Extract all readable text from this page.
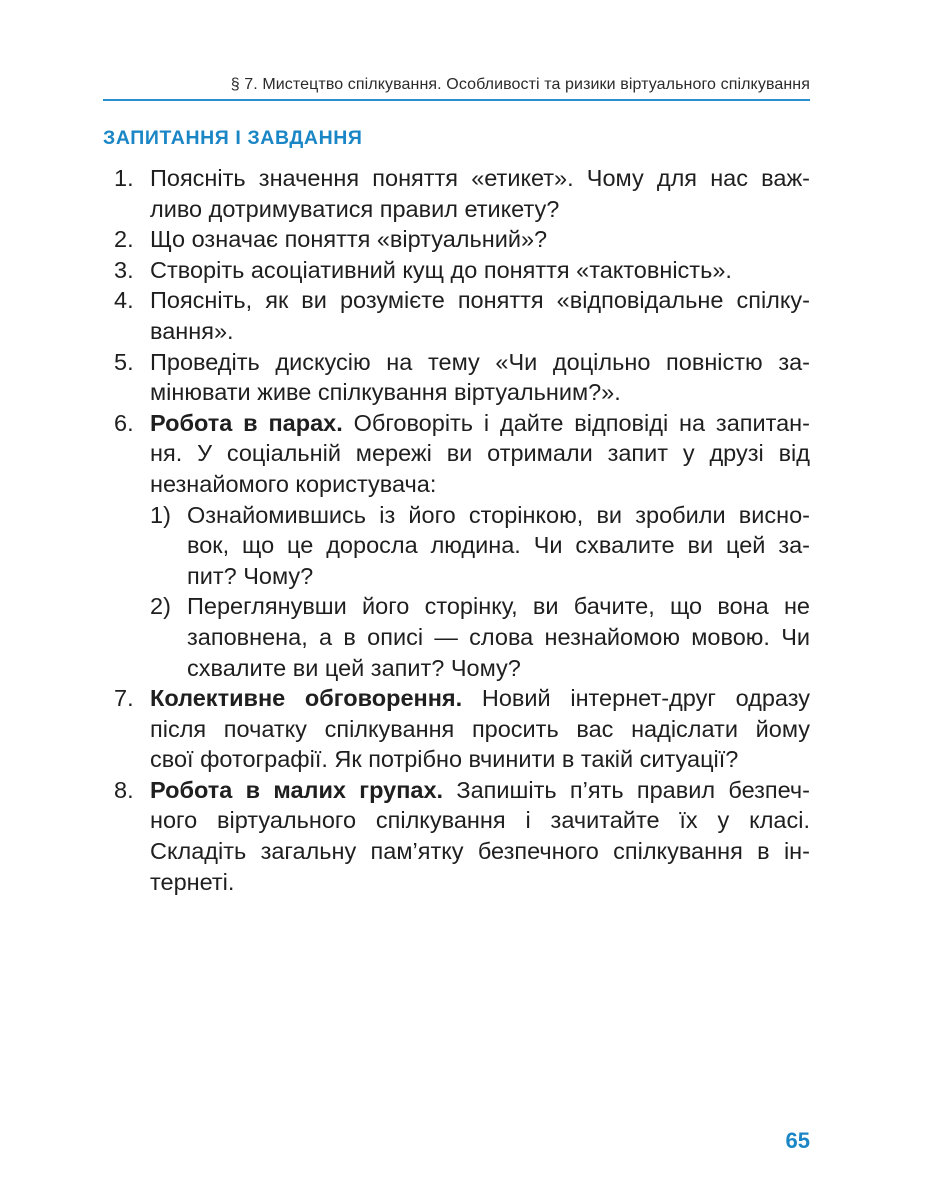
§ 7. Мистецтво спілкування. Особливості та ризики віртуального спілкування
ЗАПИТАННЯ І ЗАВДАННЯ
1. Поясніть значення поняття «етикет». Чому для нас важ-
ливо дотримуватися правил етикету?
2. Що означає поняття «віртуальний»?
3. Створіть асоціативний кущ до поняття «тактовність».
4. Поясніть, як ви розумієте поняття «відповідальне спілку-
вання».
5. Проведіть дискусію на тему «Чи доцільно повністю за-
мінювати живе спілкування віртуальним?».
6. Робота в парах. Обговоріть і дайте відповіді на запитан-
ня. У соціальній мережі ви отримали запит у друзі від
незнайомого користувача:
1) Ознайомившись із його сторінкою, ви зробили висно-
вок, що це доросла людина. Чи схвалите ви цей за-
пит? Чому?
2) Переглянувши його сторінку, ви бачите, що вона не
заповнена, а в описі — слова незнайомою мовою. Чи
схвалите ви цей запит? Чому?
7. Колективне обговорення. Новий інтернет-друг одразу
після початку спілкування просить вас надіслати йому
свої фотографії. Як потрібно вчинити в такій ситуації?
8. Робота в малих групах. Запишіть п’ять правил безпеч-
ного віртуального спілкування і зачитайте їх у класі.
Складіть загальну пам’ятку безпечного спілкування в ін-
тернеті.
65
